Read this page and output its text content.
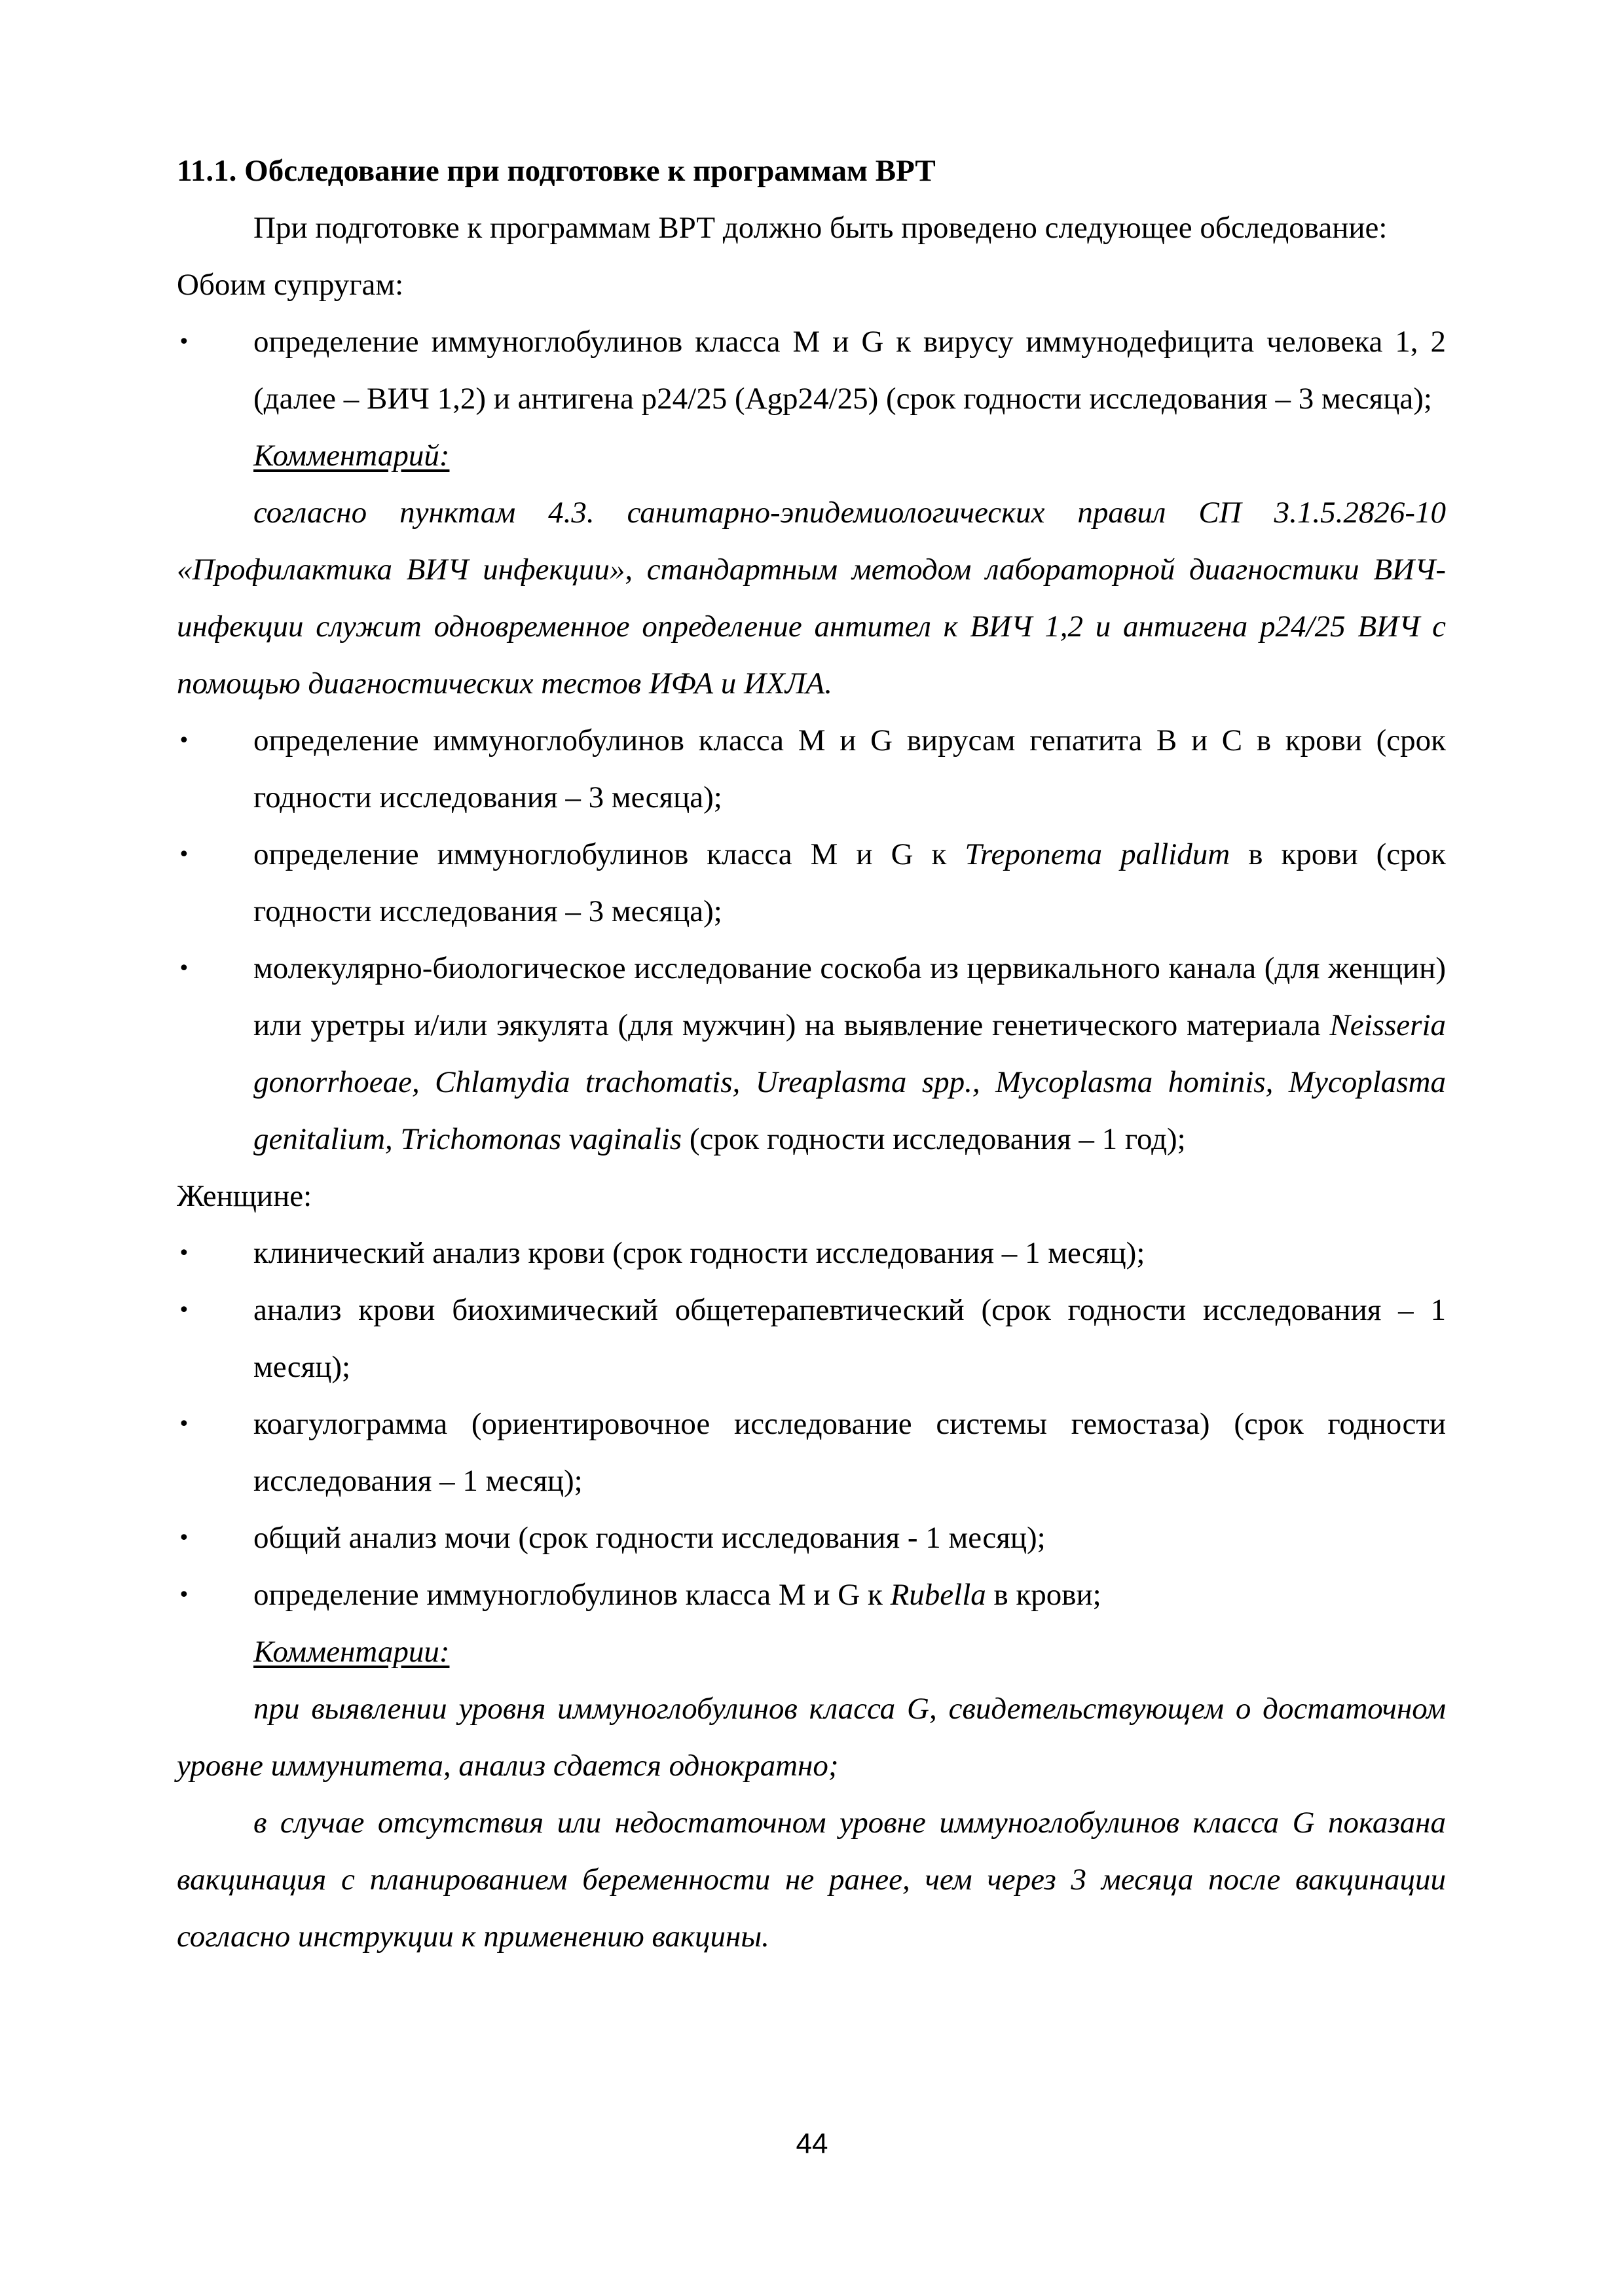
11.1. Обследование при подготовке к программам ВРТ

При подготовке к программам ВРТ должно быть проведено следующее обследование:

Обоим супругам:

• определение иммуноглобулинов класса M и G к вирусу иммунодефицита человека 1, 2 (далее – ВИЧ 1,2) и антигена p24/25 (Agp24/25) (срок годности исследования – 3 месяца);

Комментарий:

согласно пунктам 4.3. санитарно-эпидемиологических правил СП 3.1.5.2826-10 «Профилактика ВИЧ инфекции», стандартным методом лабораторной диагностики ВИЧ-инфекции служит одновременное определение антител к ВИЧ 1,2 и антигена p24/25 ВИЧ с помощью диагностических тестов ИФА и ИХЛА.

• определение иммуноглобулинов класса M и G вирусам гепатита В и С в крови (срок годности исследования – 3 месяца);
• определение иммуноглобулинов класса M и G к Treponema pallidum в крови (срок годности исследования – 3 месяца);
• молекулярно-биологическое исследование соскоба из цервикального канала (для женщин) или уретры и/или эякулята (для мужчин) на выявление генетического материала Neisseria gonorrhoeae, Chlamydia trachomatis, Ureaplasma spp., Mycoplasma hominis, Mycoplasma genitalium, Trichomonas vaginalis (срок годности исследования – 1 год);

Женщине:

• клинический анализ крови (срок годности исследования – 1 месяц);
• анализ крови биохимический общетерапевтический (срок годности исследования – 1 месяц);
• коагулограмма (ориентировочное исследование системы гемостаза) (срок годности исследования – 1 месяц);
• общий анализ мочи (срок годности исследования - 1 месяц);
• определение иммуноглобулинов класса M и G к Rubella в крови;

Комментарии:

при выявлении уровня иммуноглобулинов класса G, свидетельствующем о достаточном уровне иммунитета, анализ сдается однократно;

в случае отсутствия или недостаточном уровне иммуноглобулинов класса G показана вакцинация с планированием беременности не ранее, чем через 3 месяца после вакцинации согласно инструкции к применению вакцины.

44
